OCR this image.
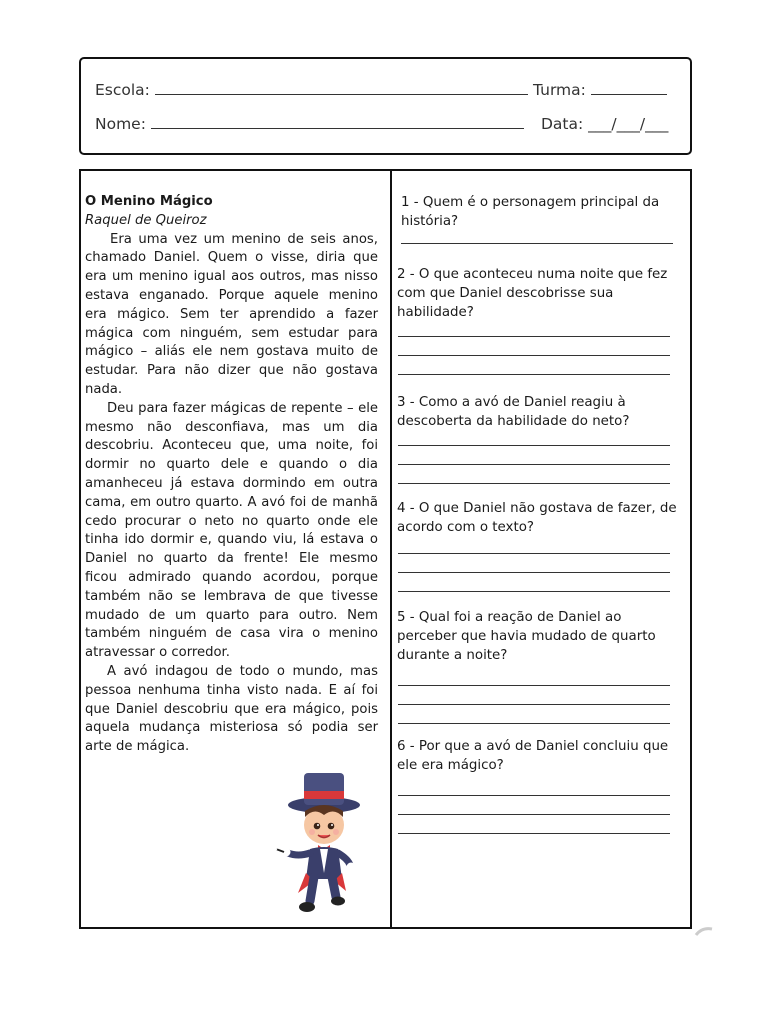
Escola:	Turma:
Nome:	Data: ___/___/___
O Menino Mágico
Raquel de Queiroz

Era uma vez um menino de seis anos, chamado Daniel. Quem o visse, diria que era um menino igual aos outros, mas nisso estava enganado. Porque aquele menino era mágico. Sem ter aprendido a fazer mágica com ninguém, sem estudar para mágico – aliás ele nem gostava muito de estudar. Para não dizer que não gostava nada.

Deu para fazer mágicas de repente – ele mesmo não desconfiava, mas um dia descobriu. Aconteceu que, uma noite, foi dormir no quarto dele e quando o dia amanheceu já estava dormindo em outra cama, em outro quarto. A avó foi de manhã cedo procurar o neto no quarto onde ele tinha ido dormir e, quando viu, lá estava o Daniel no quarto da frente! Ele mesmo ficou admirado quando acordou, porque também não se lembrava de que tivesse mudado de um quarto para outro. Nem também ninguém de casa vira o menino atravessar o corredor.

A avó indagou de todo o mundo, mas pessoa nenhuma tinha visto nada. E aí foi que Daniel descobriu que era mágico, pois aquela mudança misteriosa só podia ser arte de mágica.

1 - Quem é o personagem principal da história?
2 - O que aconteceu numa noite que fez com que Daniel descobrisse sua habilidade?
3 - Como a avó de Daniel reagiu à descoberta da habilidade do neto?
4 - O que Daniel não gostava de fazer, de acordo com o texto?
5 - Qual foi a reação de Daniel ao perceber que havia mudado de quarto durante a noite?
6 - Por que a avó de Daniel concluiu que ele era mágico?
